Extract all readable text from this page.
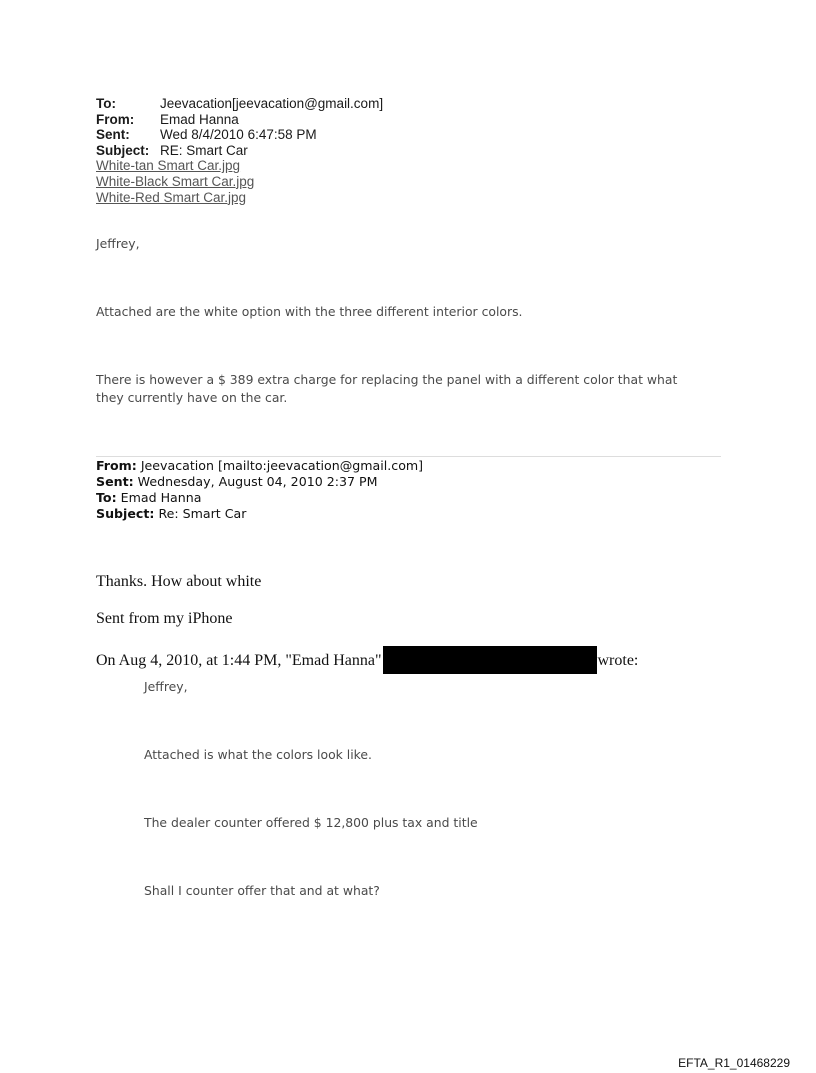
To:	Jeevacation[jeevacation@gmail.com]
From:	Emad Hanna
Sent:	Wed 8/4/2010 6:47:58 PM
Subject: RE: Smart Car
White-tan Smart Car.jpg
White-Black Smart Car.jpg
White-Red Smart Car.jpg
Jeffrey,
Attached are the white option with the three different interior colors.
There is however a $ 389 extra charge for replacing the panel with a different color that what they currently have on the car.
From: Jeevacation [mailto:jeevacation@gmail.com]
Sent: Wednesday, August 04, 2010 2:37 PM
To: Emad Hanna
Subject: Re: Smart Car
Thanks. How about white
Sent from my iPhone
On Aug 4, 2010, at 1:44 PM, "Emad Hanna"	wrote:
Jeffrey,
Attached is what the colors look like.
The dealer counter offered $ 12,800 plus tax and title
Shall I counter offer that and at what?
EFTA_R1_01468229
